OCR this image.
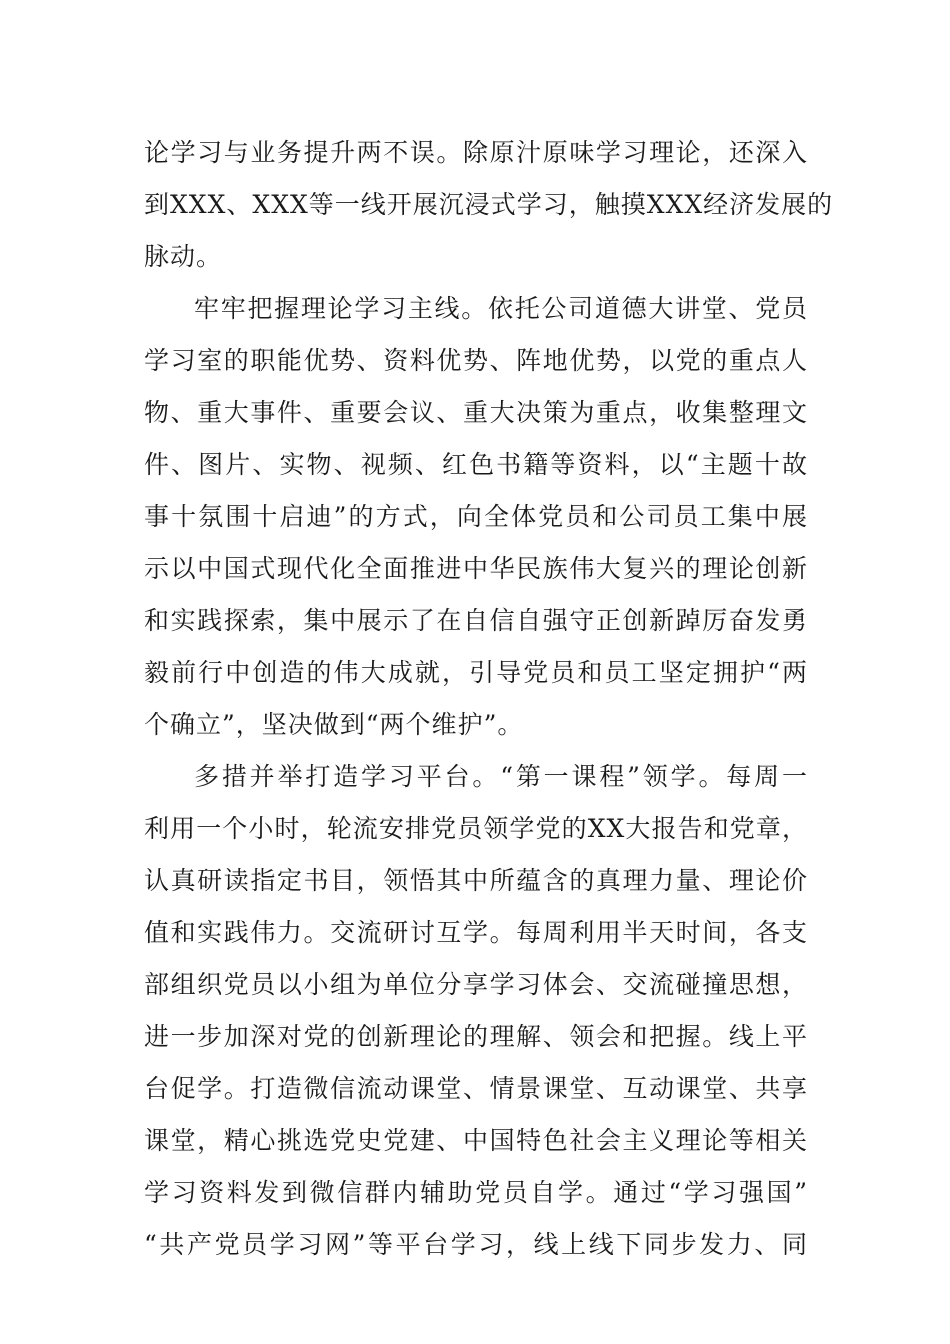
论学习与业务提升两不误。除原汁原味学习理论，还深入
到XXX、XXX等一线开展沉浸式学习，触摸XXX经济发展的
脉动。
牢牢把握理论学习主线。依托公司道德大讲堂、党员
学习室的职能优势、资料优势、阵地优势，以党的重点人
物、重大事件、重要会议、重大决策为重点，收集整理文
件、图片、实物、视频、红色书籍等资料，以“主题十故
事十氛围十启迪”的方式，向全体党员和公司员工集中展
示以中国式现代化全面推进中华民族伟大复兴的理论创新
和实践探索，集中展示了在自信自强守正创新踔厉奋发勇
毅前行中创造的伟大成就，引导党员和员工坚定拥护“两
个确立”，坚决做到“两个维护”。
多措并举打造学习平台。“第一课程”领学。每周一
利用一个小时，轮流安排党员领学党的XX大报告和党章，
认真研读指定书目，领悟其中所蕴含的真理力量、理论价
值和实践伟力。交流研讨互学。每周利用半天时间，各支
部组织党员以小组为单位分享学习体会、交流碰撞思想，
进一步加深对党的创新理论的理解、领会和把握。线上平
台促学。打造微信流动课堂、情景课堂、互动课堂、共享
课堂，精心挑选党史党建、中国特色社会主义理论等相关
学习资料发到微信群内辅助党员自学。通过“学习强国”
“共产党员学习网”等平台学习，线上线下同步发力、同
